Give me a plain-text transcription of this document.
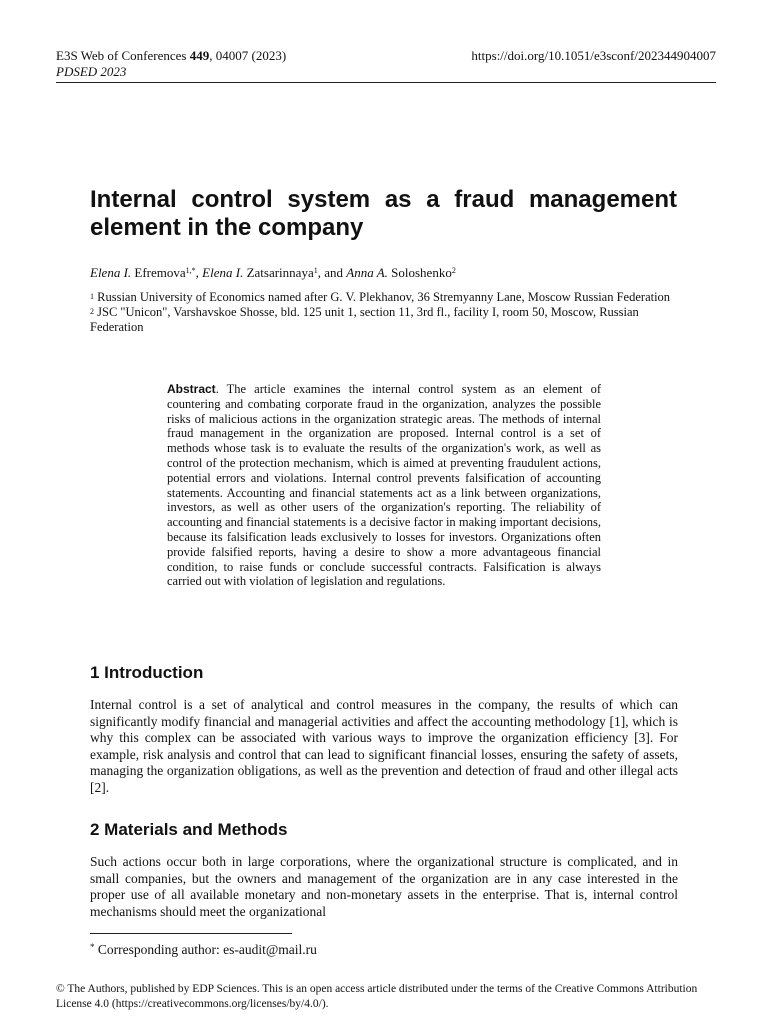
E3S Web of Conferences 449, 04007 (2023)
PDSED 2023
https://doi.org/10.1051/e3sconf/202344904007
Internal control system as a fraud management element in the company
Elena I. Efremova$^{1,*}$, Elena I. Zatsarinnaya$^1$, and Anna A. Soloshenko$^2$

$^1$ Russian University of Economics named after G. V. Plekhanov, 36 Stremyanny Lane, Moscow Russian Federation

$^2$ JSC "Unicon", Varshavskoe Shosse, bld. 125 unit 1, section 11, 3rd fl., facility I, room 50, Moscow, Russian Federation

Abstract. The article examines the internal control system as an element of countering and combating corporate fraud in the organization, analyzes the possible risks of malicious actions in the organization strategic areas. The methods of internal fraud management in the organization are proposed. Internal control is a set of methods whose task is to evaluate the results of the organization's work, as well as control of the protection mechanism, which is aimed at preventing fraudulent actions, potential errors and violations. Internal control prevents falsification of accounting statements. Accounting and financial statements act as a link between organizations, investors, as well as other users of the organization's reporting. The reliability of accounting and financial statements is a decisive factor in making important decisions, because its falsification leads exclusively to losses for investors. Organizations often provide falsified reports, having a desire to show a more advantageous financial condition, to raise funds or conclude successful contracts. Falsification is always carried out with violation of legislation and regulations.
1 Introduction
Internal control is a set of analytical and control measures in the company, the results of which can significantly modify financial and managerial activities and affect the accounting methodology [1], which is why this complex can be associated with various ways to improve the organization efficiency [3]. For example, risk analysis and control that can lead to significant financial losses, ensuring the safety of assets, managing the organization obligations, as well as the prevention and detection of fraud and other illegal acts [2].
2 Materials and Methods
Such actions occur both in large corporations, where the organizational structure is complicated, and in small companies, but the owners and management of the organization are in any case interested in the proper use of all available monetary and non-monetary assets in the enterprise. That is, internal control mechanisms should meet the organizational
* Corresponding author: es-audit@mail.ru
© The Authors, published by EDP Sciences. This is an open access article distributed under the terms of the Creative Commons Attribution License 4.0 (https://creativecommons.org/licenses/by/4.0/).
